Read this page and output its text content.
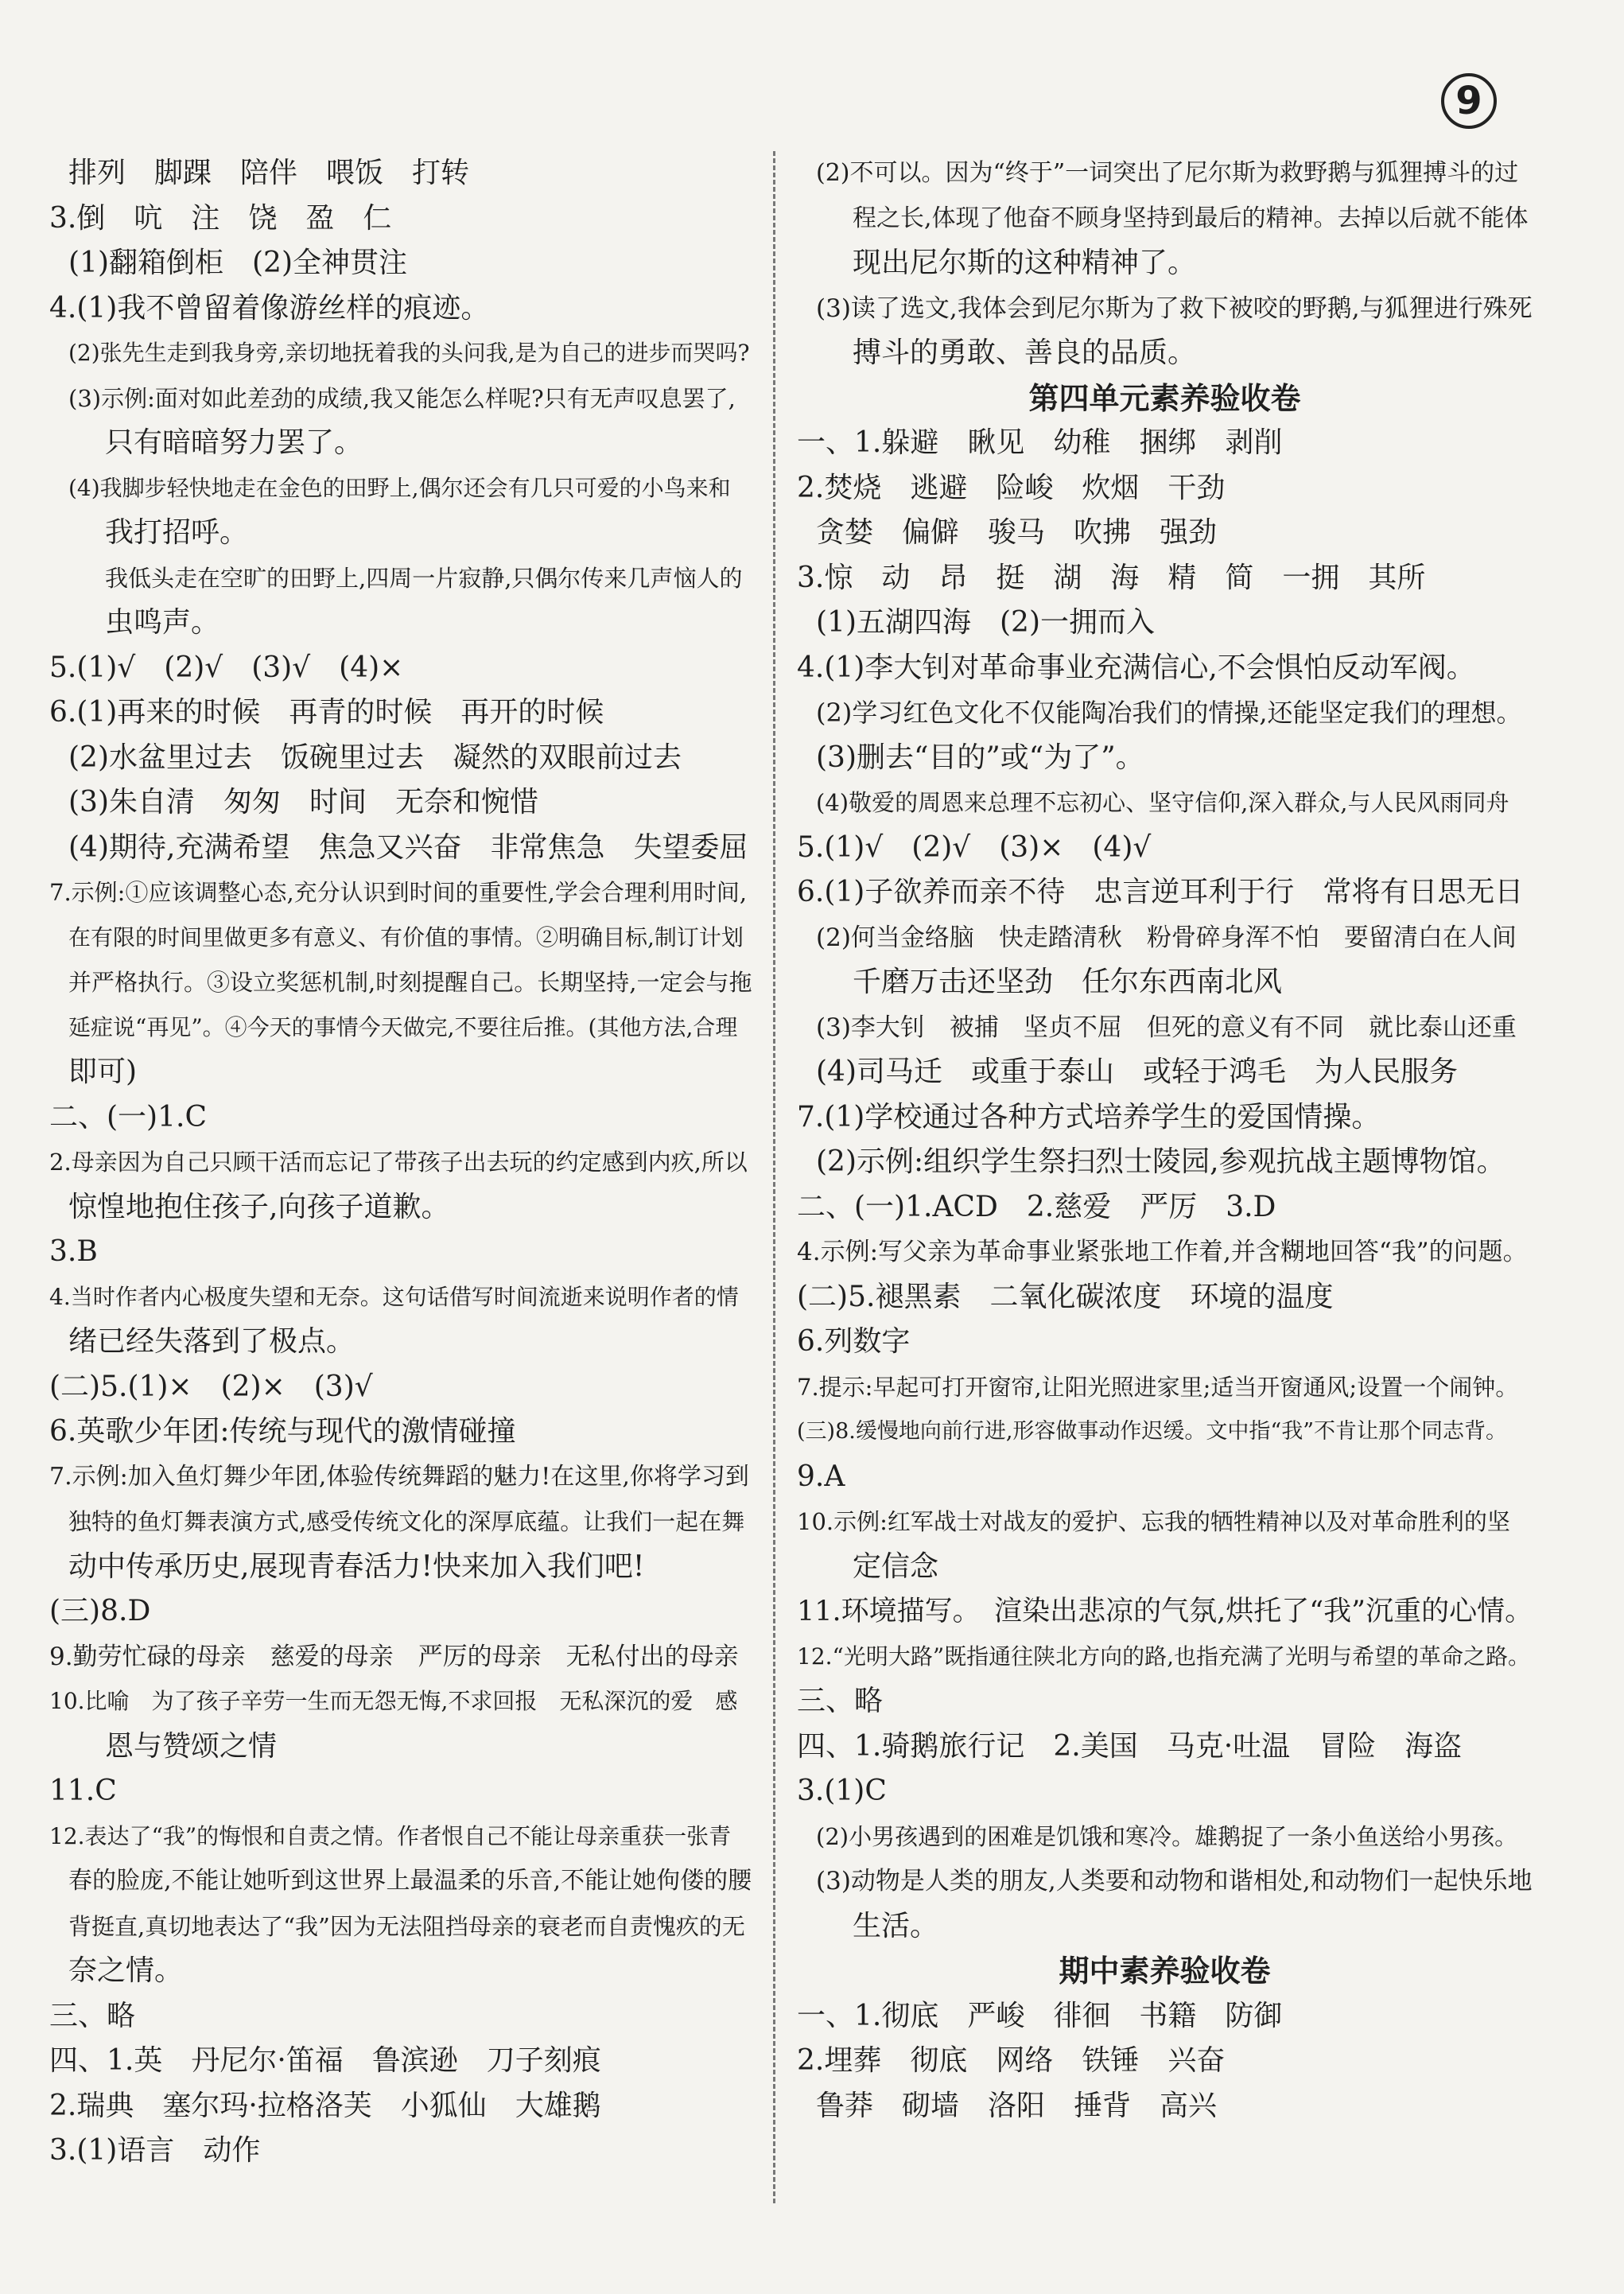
9
排列　脚踝　陪伴　喂饭　打转
3.倒　吭　注　饶　盈　仁
(1)翻箱倒柜　(2)全神贯注
4.(1)我不曾留着像游丝样的痕迹。
(2)张先生走到我身旁,亲切地抚着我的头问我,是为自己的进步而哭吗?
(3)示例:面对如此差劲的成绩,我又能怎么样呢?只有无声叹息罢了,
只有暗暗努力罢了。
(4)我脚步轻快地走在金色的田野上,偶尔还会有几只可爱的小鸟来和
我打招呼。
我低头走在空旷的田野上,四周一片寂静,只偶尔传来几声恼人的
虫鸣声。
5.(1)√　(2)√　(3)√　(4)×
6.(1)再来的时候　再青的时候　再开的时候
(2)水盆里过去　饭碗里过去　凝然的双眼前过去
(3)朱自清　匆匆　时间　无奈和惋惜
(4)期待,充满希望　焦急又兴奋　非常焦急　失望委屈
7.示例:①应该调整心态,充分认识到时间的重要性,学会合理利用时间,
在有限的时间里做更多有意义、有价值的事情。②明确目标,制订计划
并严格执行。③设立奖惩机制,时刻提醒自己。长期坚持,一定会与拖
延症说“再见”。④今天的事情今天做完,不要往后推。(其他方法,合理
即可)
二、(一)1.C
2.母亲因为自己只顾干活而忘记了带孩子出去玩的约定感到内疚,所以
惊惶地抱住孩子,向孩子道歉。
3.B
4.当时作者内心极度失望和无奈。这句话借写时间流逝来说明作者的情
绪已经失落到了极点。
(二)5.(1)×　(2)×　(3)√
6.英歌少年团:传统与现代的激情碰撞
7.示例:加入鱼灯舞少年团,体验传统舞蹈的魅力!在这里,你将学习到
独特的鱼灯舞表演方式,感受传统文化的深厚底蕴。让我们一起在舞
动中传承历史,展现青春活力!快来加入我们吧!
(三)8.D
9.勤劳忙碌的母亲　慈爱的母亲　严厉的母亲　无私付出的母亲
10.比喻　为了孩子辛劳一生而无怨无悔,不求回报　无私深沉的爱　感
恩与赞颂之情
11.C
12.表达了“我”的悔恨和自责之情。作者恨自己不能让母亲重获一张青
春的脸庞,不能让她听到这世界上最温柔的乐音,不能让她佝偻的腰
背挺直,真切地表达了“我”因为无法阻挡母亲的衰老而自责愧疚的无
奈之情。
三、略
四、1.英　丹尼尔·笛福　鲁滨逊　刀子刻痕
2.瑞典　塞尔玛·拉格洛芙　小狐仙　大雄鹅
3.(1)语言　动作
(2)不可以。因为“终于”一词突出了尼尔斯为救野鹅与狐狸搏斗的过
程之长,体现了他奋不顾身坚持到最后的精神。去掉以后就不能体
现出尼尔斯的这种精神了。
(3)读了选文,我体会到尼尔斯为了救下被咬的野鹅,与狐狸进行殊死
搏斗的勇敢、善良的品质。
第四单元素养验收卷
一、1.躲避　瞅见　幼稚　捆绑　剥削
2.焚烧　逃避　险峻　炊烟　干劲
贪婪　偏僻　骏马　吹拂　强劲
3.惊　动　昂　挺　湖　海　精　简　一拥　其所
(1)五湖四海　(2)一拥而入
4.(1)李大钊对革命事业充满信心,不会惧怕反动军阀。
(2)学习红色文化不仅能陶冶我们的情操,还能坚定我们的理想。
(3)删去“目的”或“为了”。
(4)敬爱的周恩来总理不忘初心、坚守信仰,深入群众,与人民风雨同舟
5.(1)√　(2)√　(3)×　(4)√
6.(1)子欲养而亲不待　忠言逆耳利于行　常将有日思无日
(2)何当金络脑　快走踏清秋　粉骨碎身浑不怕　要留清白在人间
千磨万击还坚劲　任尔东西南北风
(3)李大钊　被捕　坚贞不屈　但死的意义有不同　就比泰山还重
(4)司马迁　或重于泰山　或轻于鸿毛　为人民服务
7.(1)学校通过各种方式培养学生的爱国情操。
(2)示例:组织学生祭扫烈士陵园,参观抗战主题博物馆。
二、(一)1.ACD　2.慈爱　严厉　3.D
4.示例:写父亲为革命事业紧张地工作着,并含糊地回答“我”的问题。
(二)5.褪黑素　二氧化碳浓度　环境的温度
6.列数字
7.提示:早起可打开窗帘,让阳光照进家里;适当开窗通风;设置一个闹钟。
(三)8.缓慢地向前行进,形容做事动作迟缓。文中指“我”不肯让那个同志背。
9.A
10.示例:红军战士对战友的爱护、忘我的牺牲精神以及对革命胜利的坚
定信念
11.环境描写。　渲染出悲凉的气氛,烘托了“我”沉重的心情。
12.“光明大路”既指通往陕北方向的路,也指充满了光明与希望的革命之路。
三、略
四、1.骑鹅旅行记　2.美国　马克·吐温　冒险　海盗
3.(1)C
(2)小男孩遇到的困难是饥饿和寒冷。雄鹅捉了一条小鱼送给小男孩。
(3)动物是人类的朋友,人类要和动物和谐相处,和动物们一起快乐地
生活。
期中素养验收卷
一、1.彻底　严峻　徘徊　书籍　防御
2.埋葬　彻底　网络　铁锤　兴奋
鲁莽　砌墙　洛阳　捶背　高兴
